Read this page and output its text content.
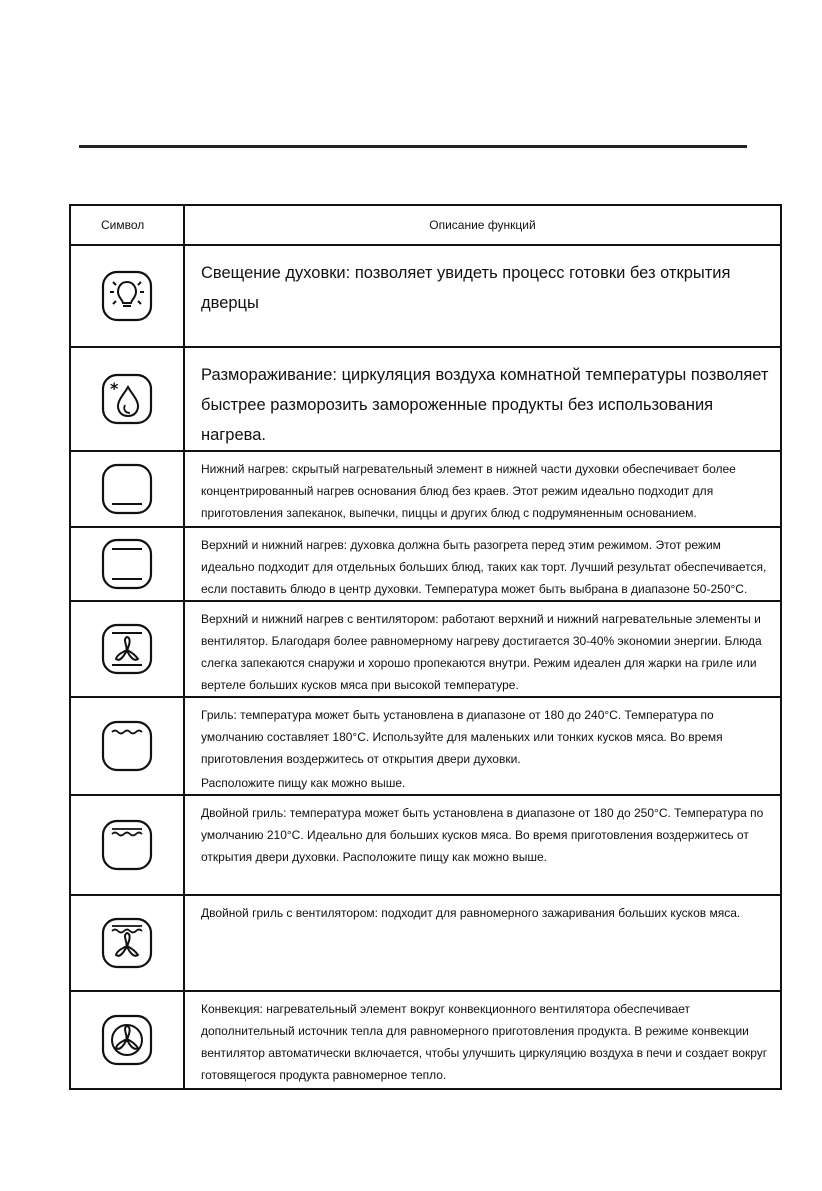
Символ	Описание функций

Свещение духовки: позволяет увидеть процесс готовки без открытия дверцы

*	Размораживание: циркуляция воздуха комнатной температуры позволяет быстрее разморозить замороженные продукты без использования нагрева.

Нижний нагрев: скрытый нагревательный элемент в нижней части духовки обеспечивает более концентрированный нагрев основания блюд без краев. Этот режим идеально подходит для приготовления запеканок, выпечки, пиццы и других блюд с подрумяненным основанием.

Верхний и нижний нагрев: духовка должна быть разогрета перед этим режимом. Этот режим идеально подходит для отдельных больших блюд, таких как торт. Лучший результат обеспечивается, если поставить блюдо в центр духовки. Температура может быть выбрана в диапазоне 50-250°С.

Верхний и нижний нагрев с вентилятором: работают верхний и нижний нагревательные элементы и вентилятор. Благодаря более равномерному нагреву достигается 30-40% экономии энергии. Блюда слегка запекаются снаружи и хорошо пропекаются внутри. Режим идеален для жарки на гриле или вертеле больших кусков мяса при высокой температуре.

Гриль: температура может быть установлена в диапазоне от 180 до 240°С. Температура по умолчанию составляет 180°С. Используйте для маленьких или тонких кусков мяса. Во время приготовления воздержитесь от открытия двери духовки.
Расположите пищу как можно выше.

Двойной гриль: температура может быть установлена в диапазоне от 180 до 250°С. Температура по умолчанию 210°С. Идеально для больших кусков мяса. Во время приготовления воздержитесь от открытия двери духовки. Расположите пищу как можно выше.

Двойной гриль с вентилятором: подходит для равномерного зажаривания больших кусков мяса.

Конвекция: нагревательный элемент вокруг конвекционного вентилятора обеспечивает дополнительный источник тепла для равномерного приготовления продукта. В режиме конвекции вентилятор автоматически включается, чтобы улучшить циркуляцию воздуха в печи и создает вокруг готовящегося продукта равномерное тепло.
